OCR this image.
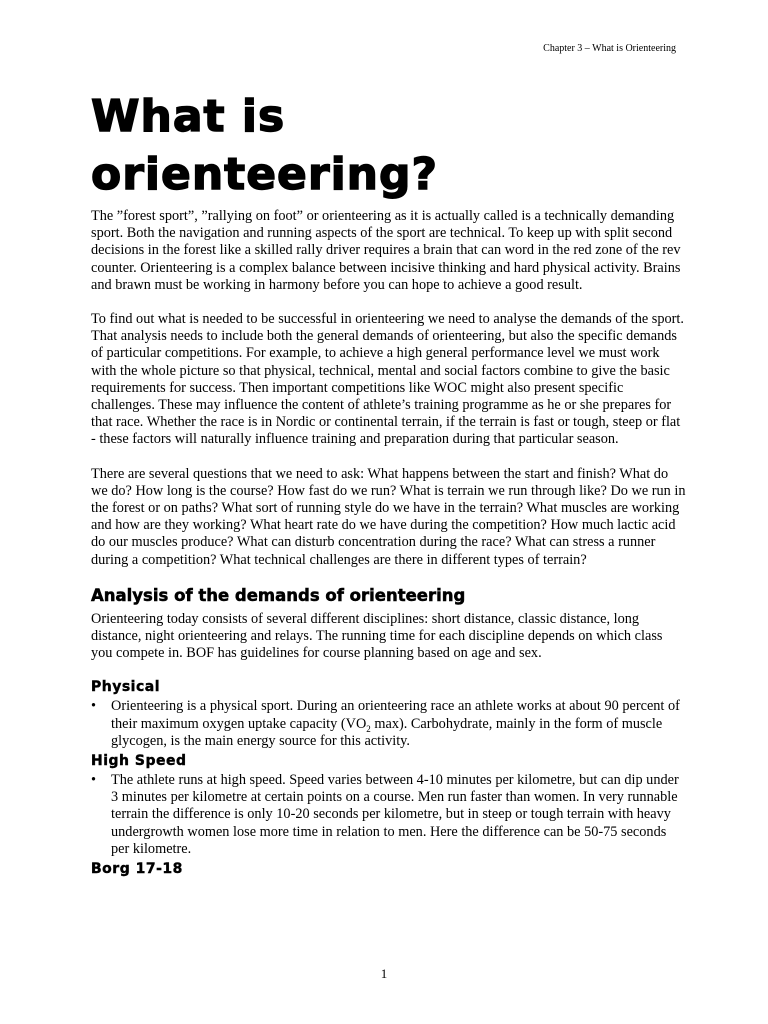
Chapter 3 – What is Orienteering
What is
orienteering?

The ”forest sport”, ”rallying on foot” or orienteering as it is actually called is a technically demanding sport. Both the navigation and running aspects of the sport are technical. To keep up with split second decisions in the forest like a skilled rally driver requires a brain that can word in the red zone of the rev counter. Orienteering is a complex balance between incisive thinking and hard physical activity. Brains and brawn must be working in harmony before you can hope to achieve a good result.

To find out what is needed to be successful in orienteering we need to analyse the demands of the sport. That analysis needs to include both the general demands of orienteering, but also the specific demands of particular competitions. For example, to achieve a high general performance level we must work with the whole picture so that physical, technical, mental and social factors combine to give the basic requirements for success. Then important competitions like WOC might also present specific challenges. These may influence the content of athlete’s training programme as he or she prepares for that race. Whether the race is in Nordic or continental terrain, if the terrain is fast or tough, steep or flat - these factors will naturally influence training and preparation during that particular season.

There are several questions that we need to ask: What happens between the start and finish? What do we do? How long is the course? How fast do we run? What is terrain we run through like? Do we run in the forest or on paths? What sort of running style do we have in the terrain? What muscles are working and how are they working? What heart rate do we have during the competition? How much lactic acid do our muscles produce? What can disturb concentration during the race? What can stress a runner during a competition? What technical challenges are there in different types of terrain?

Analysis of the demands of orienteering

Orienteering today consists of several different disciplines: short distance, classic distance, long distance, night orienteering and relays. The running time for each discipline depends on which class you compete in. BOF has guidelines for course planning based on age and sex.

Physical
• Orienteering is a physical sport. During an orienteering race an athlete works at about 90 percent of their maximum oxygen uptake capacity ($VO_2$ max). Carbohydrate, mainly in the form of muscle glycogen, is the main energy source for this activity.
High Speed
• The athlete runs at high speed. Speed varies between 4-10 minutes per kilometre, but can dip under 3 minutes per kilometre at certain points on a course. Men run faster than women. In very runnable terrain the difference is only 10-20 seconds per kilometre, but in steep or tough terrain with heavy undergrowth women lose more time in relation to men. Here the difference can be 50-75 seconds per kilometre.
Borg 17-18
1
